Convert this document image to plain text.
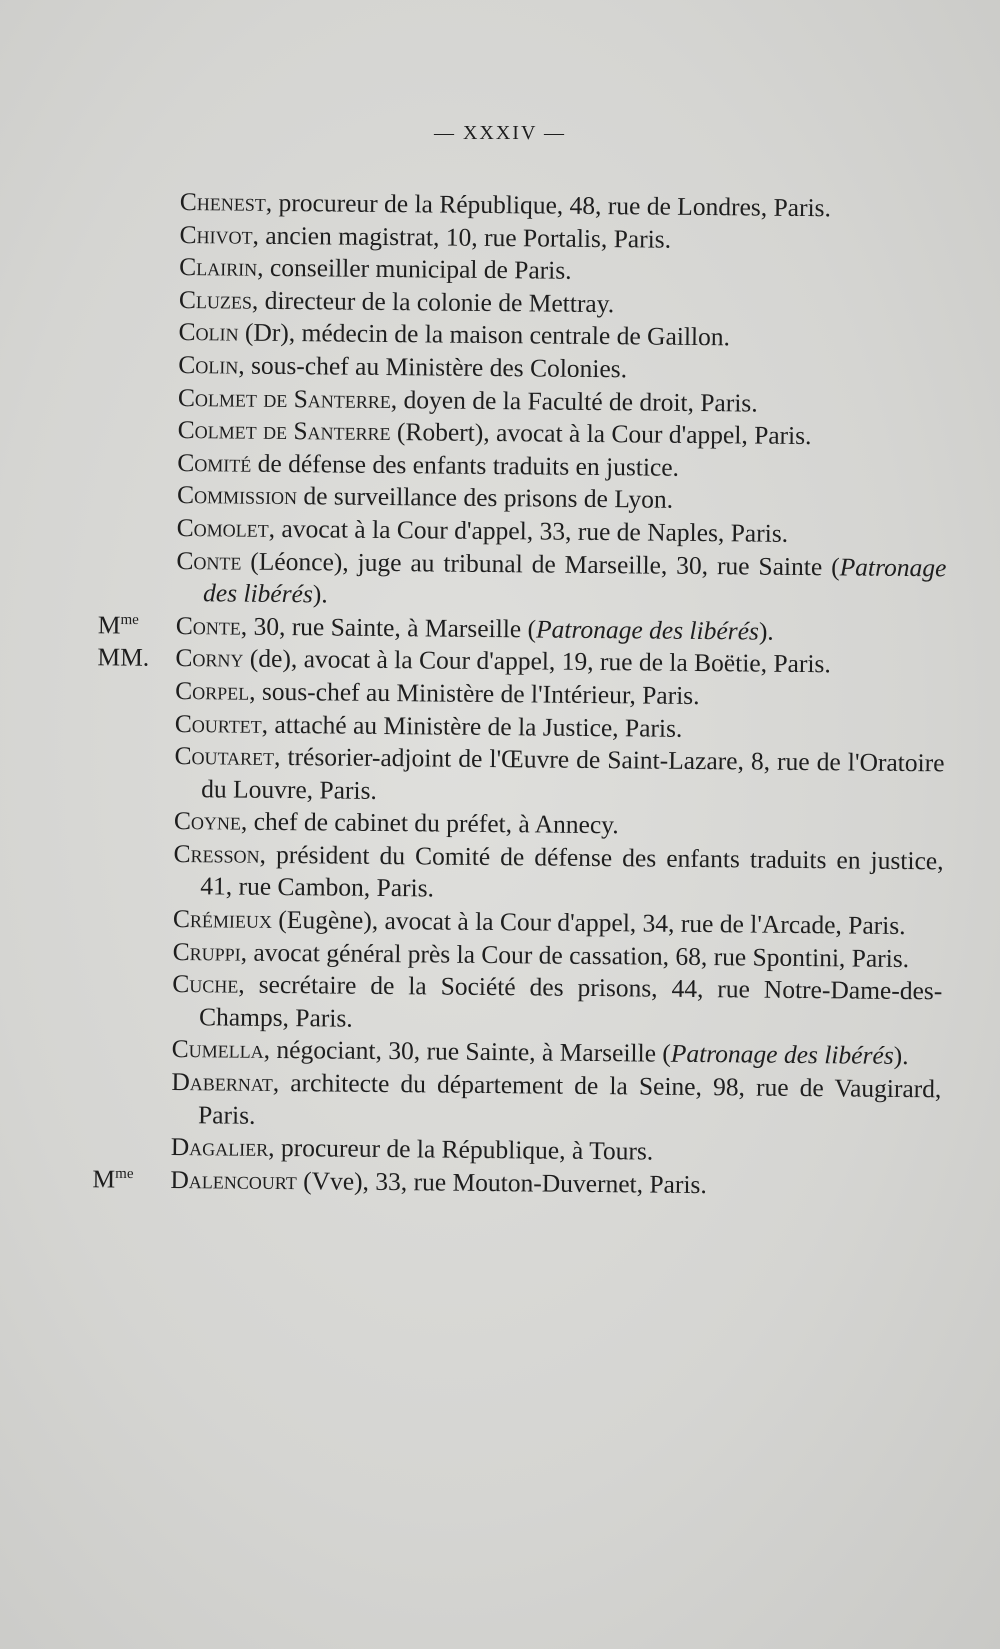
— XXXIV —

Chenest, procureur de la République, 48, rue de Londres, Paris.

Chivot, ancien magistrat, 10, rue Portalis, Paris.

Clairin, conseiller municipal de Paris.

Cluzes, directeur de la colonie de Mettray.

Colin (Dr), médecin de la maison centrale de Gaillon.

Colin, sous-chef au Ministère des Colonies.

Colmet de Santerre, doyen de la Faculté de droit, Paris.

Colmet de Santerre (Robert), avocat à la Cour d'appel, Paris.

Comité de défense des enfants traduits en justice.

Commission de surveillance des prisons de Lyon.

Comolet, avocat à la Cour d'appel, 33, rue de Naples, Paris.

Conte (Léonce), juge au tribunal de Marseille, 30, rue Sainte (Patronage des libérés).

$M^{me}$ Conte, 30, rue Sainte, à Marseille (Patronage des libérés).

MM. Corny (de), avocat à la Cour d'appel, 19, rue de la Boëtie, Paris.

Corpel, sous-chef au Ministère de l'Intérieur, Paris.

Courtet, attaché au Ministère de la Justice, Paris.

Coutaret, trésorier-adjoint de l'Œuvre de Saint-Lazare, 8, rue de l'Oratoire du Louvre, Paris.

Coyne, chef de cabinet du préfet, à Annecy.

Cresson, président du Comité de défense des enfants traduits en justice, 41, rue Cambon, Paris.

Crémieux (Eugène), avocat à la Cour d'appel, 34, rue de l'Arcade, Paris.

Cruppi, avocat général près la Cour de cassation, 68, rue Spontini, Paris.

Cuche, secrétaire de la Société des prisons, 44, rue Notre-Dame-des-Champs, Paris.

Cumella, négociant, 30, rue Sainte, à Marseille (Patronage des libérés).

Dabernat, architecte du département de la Seine, 98, rue de Vaugirard, Paris.

Dagalier, procureur de la République, à Tours.

$M^{me}$ Dalencourt (Vve), 33, rue Mouton-Duvernet, Paris.
